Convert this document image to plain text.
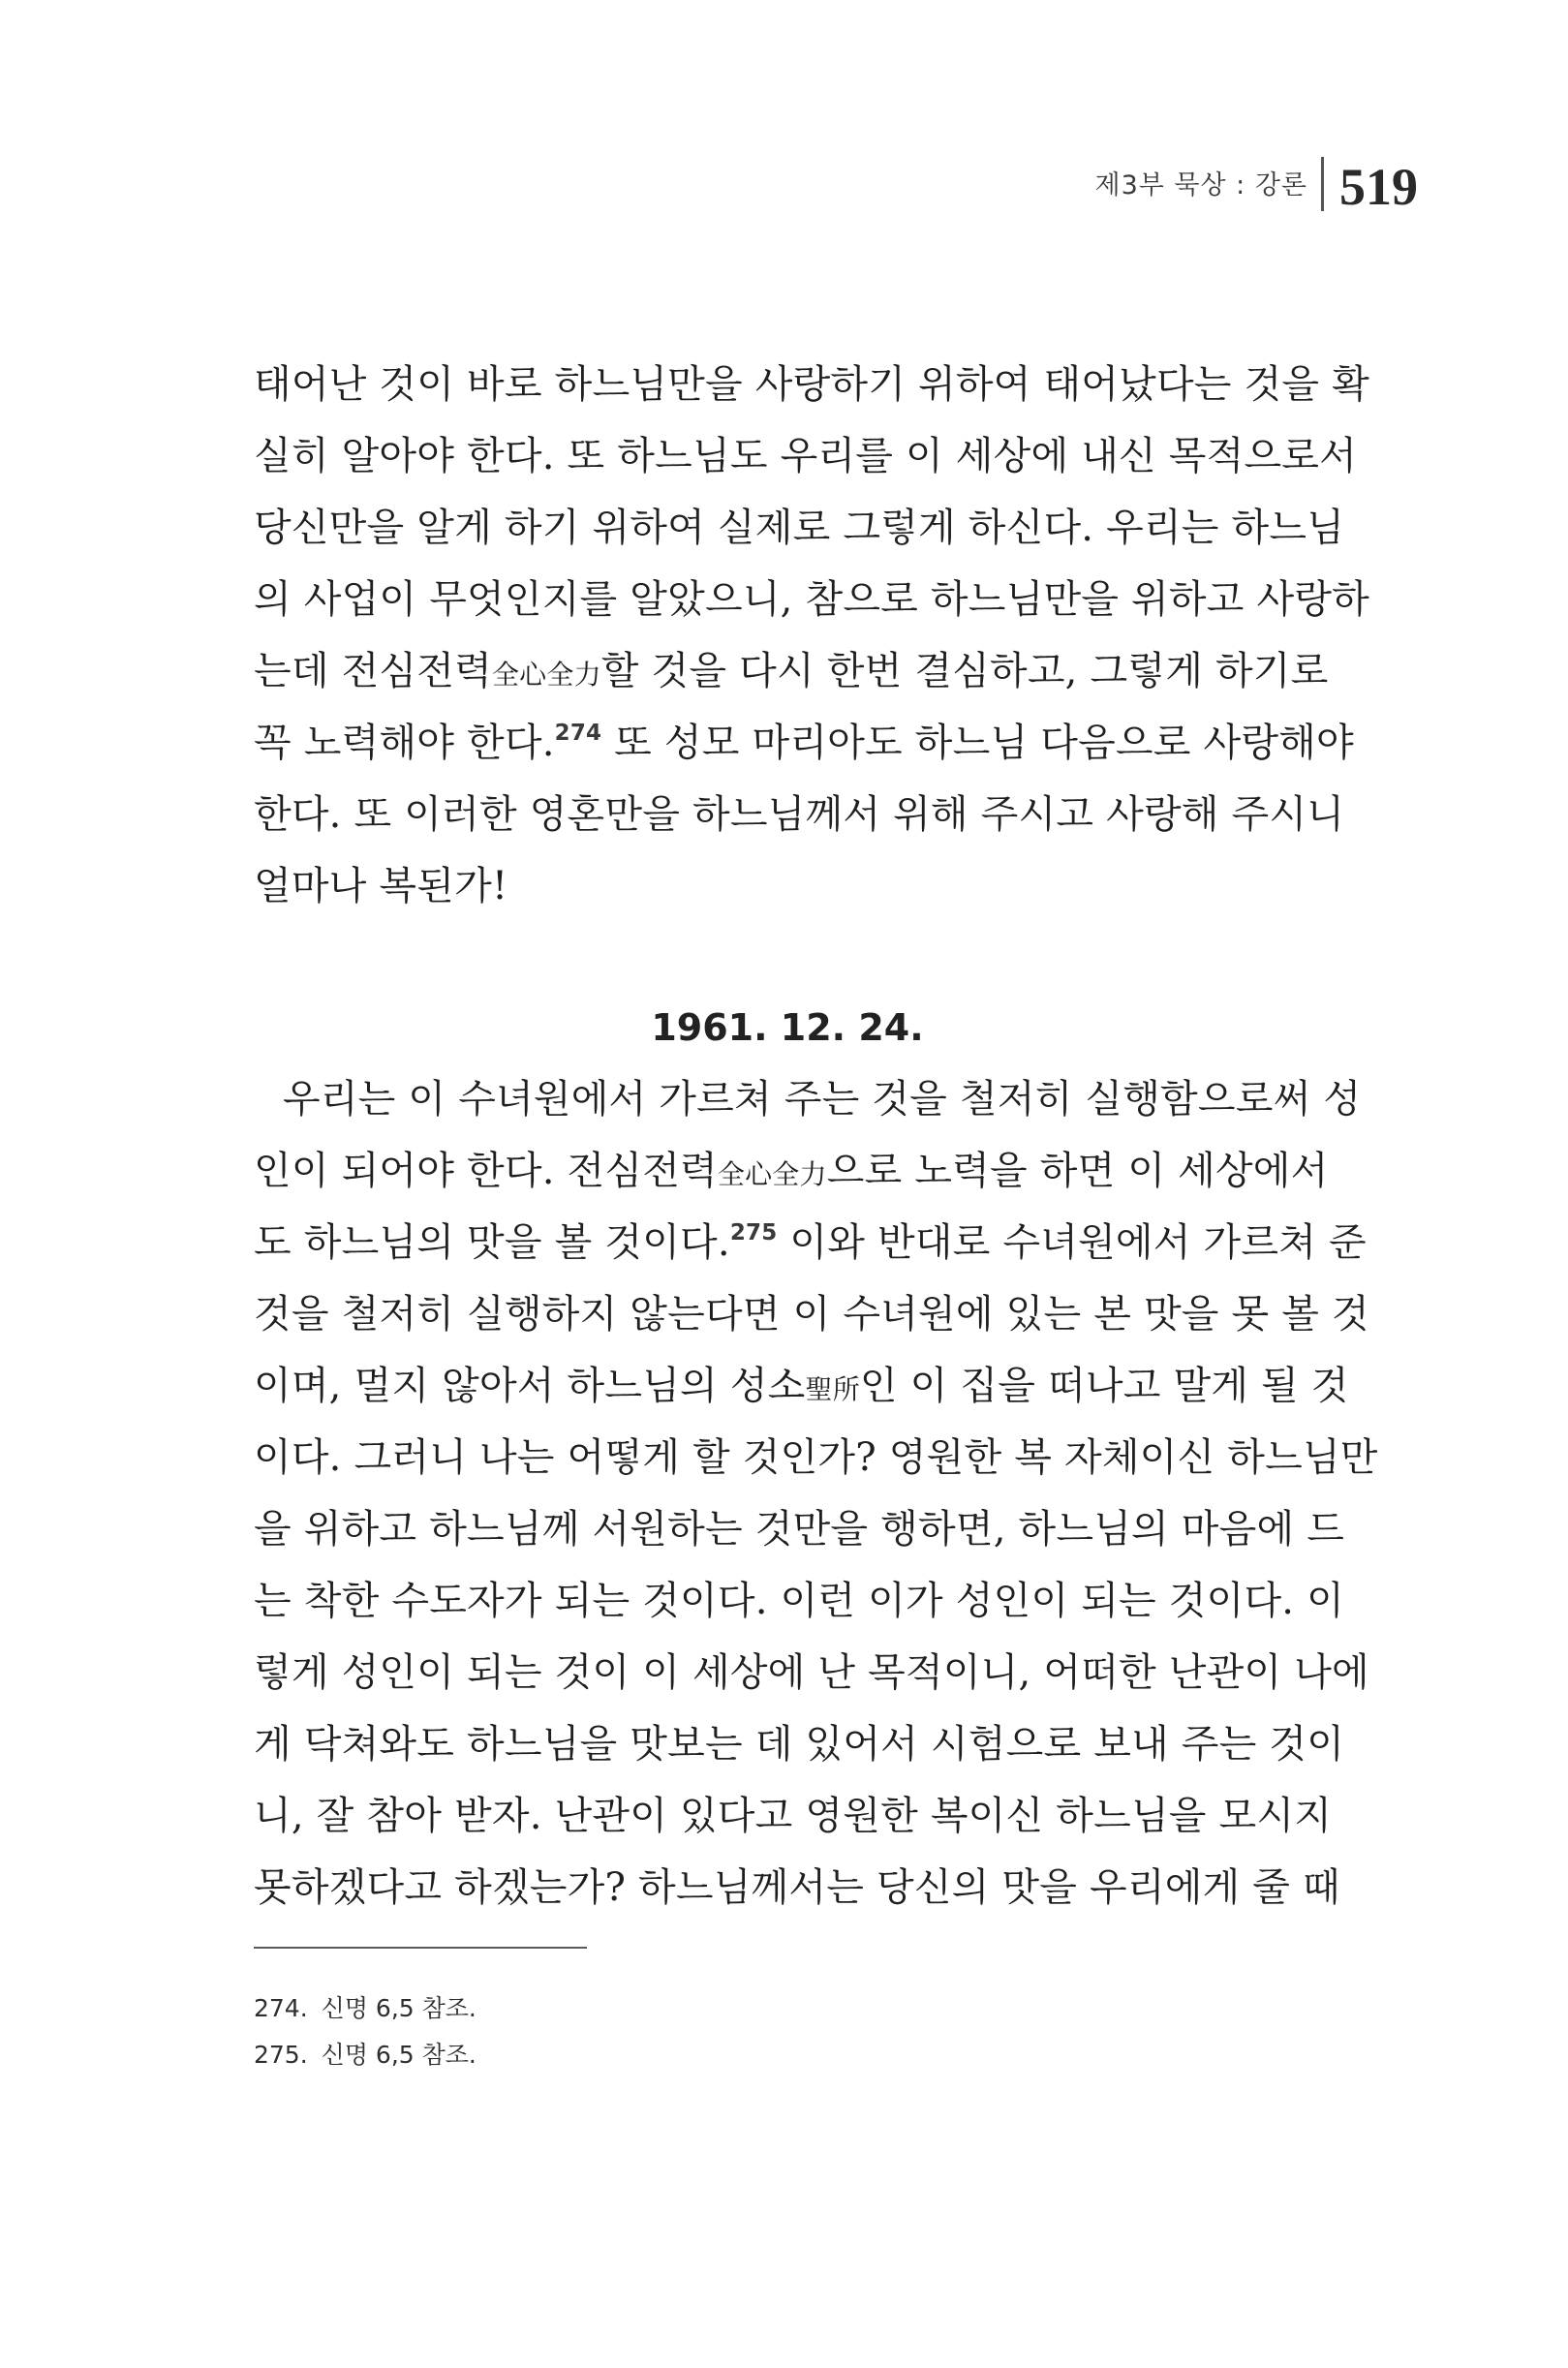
제3부 묵상 : 강론 519
태어난 것이 바로 하느님만을 사랑하기 위하여 태어났다는 것을 확
실히 알아야 한다. 또 하느님도 우리를 이 세상에 내신 목적으로서
당신만을 알게 하기 위하여 실제로 그렇게 하신다. 우리는 하느님
의 사업이 무엇인지를 알았으니, 참으로 하느님만을 위하고 사랑하
는데 전심전력全心全力할 것을 다시 한번 결심하고, 그렇게 하기로
꼭 노력해야 한다.$^{274}$ 또 성모 마리아도 하느님 다음으로 사랑해야
한다. 또 이러한 영혼만을 하느님께서 위해 주시고 사랑해 주시니
얼마나 복된가!
1961. 12. 24.
우리는 이 수녀원에서 가르쳐 주는 것을 철저히 실행함으로써 성
인이 되어야 한다. 전심전력全心全力으로 노력을 하면 이 세상에서
도 하느님의 맛을 볼 것이다.$^{275}$ 이와 반대로 수녀원에서 가르쳐 준
것을 철저히 실행하지 않는다면 이 수녀원에 있는 본 맛을 못 볼 것
이며, 멀지 않아서 하느님의 성소聖所인 이 집을 떠나고 말게 될 것
이다. 그러니 나는 어떻게 할 것인가? 영원한 복 자체이신 하느님만
을 위하고 하느님께 서원하는 것만을 행하면, 하느님의 마음에 드
는 착한 수도자가 되는 것이다. 이런 이가 성인이 되는 것이다. 이
렇게 성인이 되는 것이 이 세상에 난 목적이니, 어떠한 난관이 나에
게 닥쳐와도 하느님을 맛보는 데 있어서 시험으로 보내 주는 것이
니, 잘 참아 받자. 난관이 있다고 영원한 복이신 하느님을 모시지
못하겠다고 하겠는가? 하느님께서는 당신의 맛을 우리에게 줄 때
274. 신명 6,5 참조.
275. 신명 6,5 참조.
